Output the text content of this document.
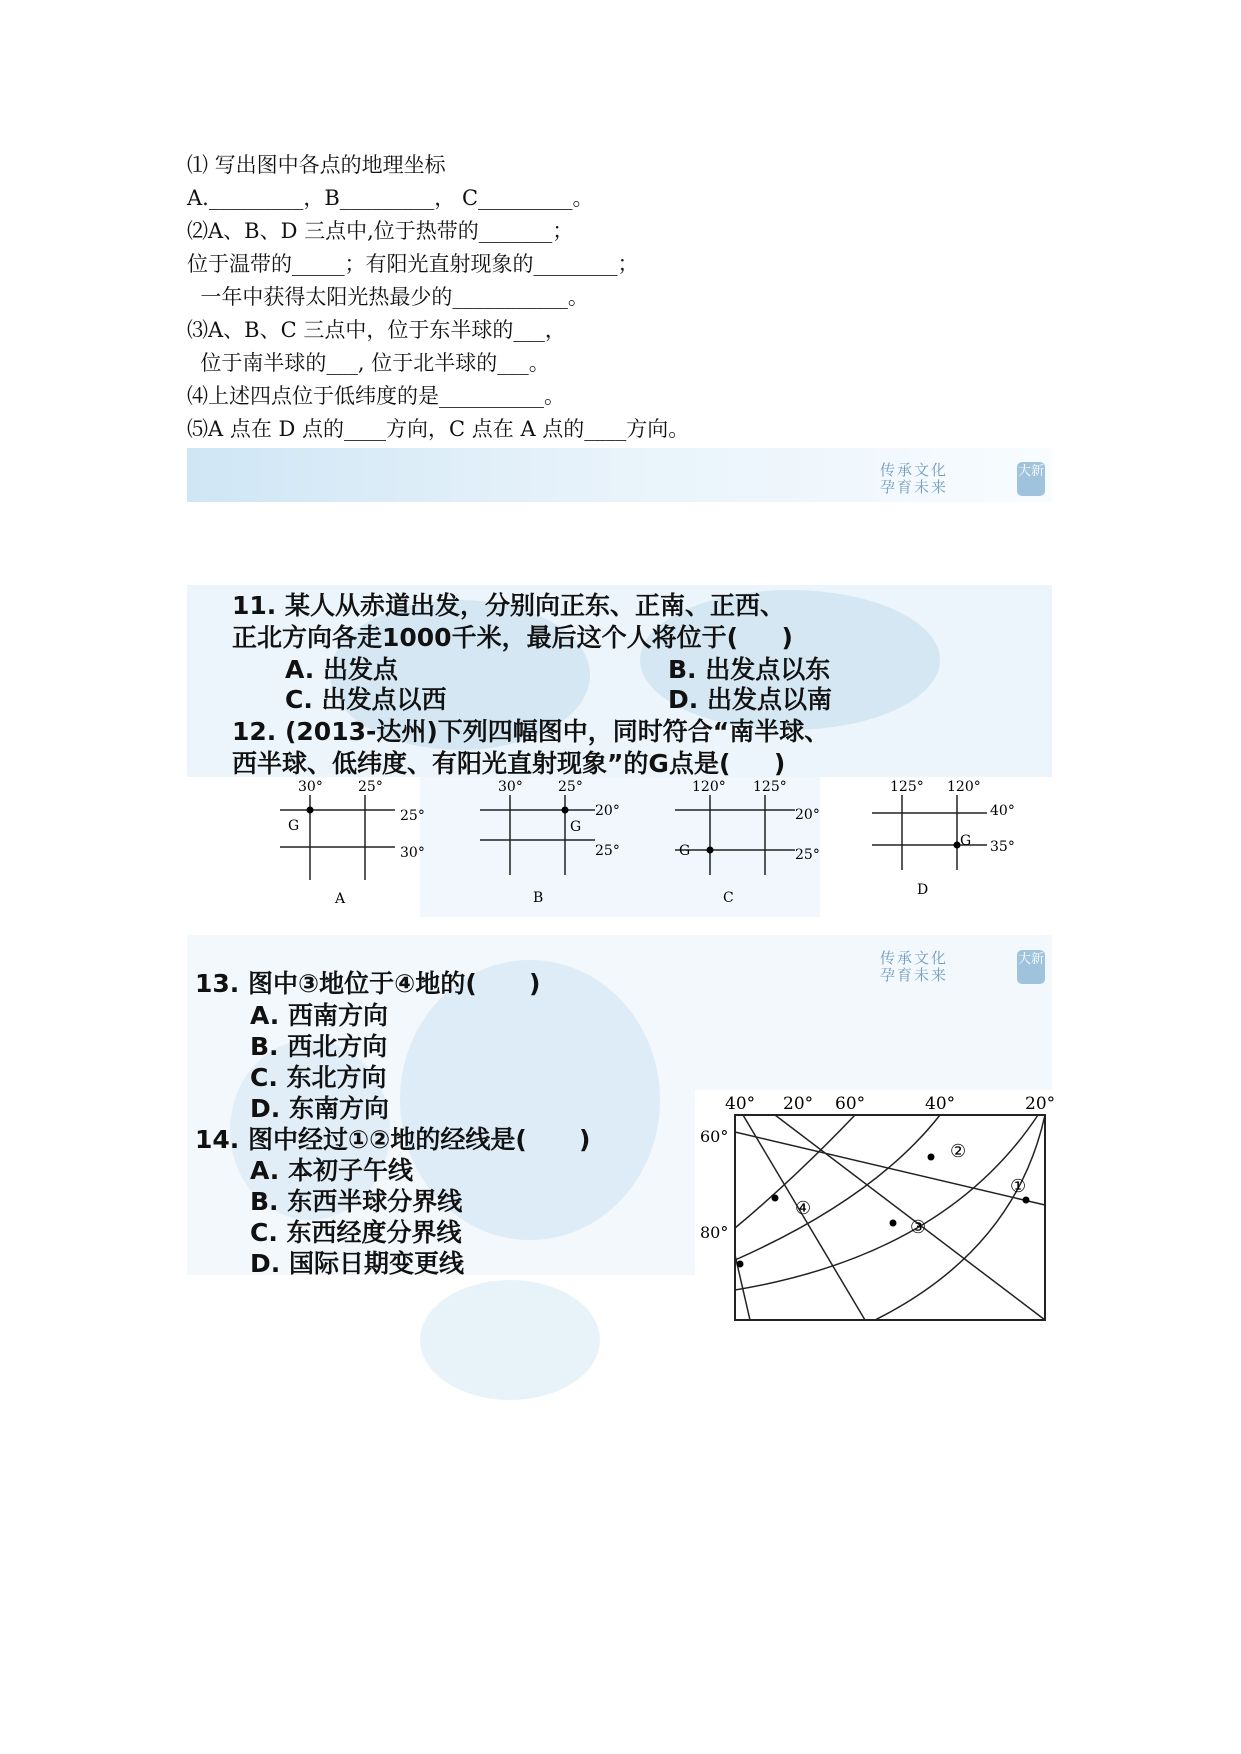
⑴ 写出图中各点的地理坐标
A._________，B_________， C_________。
⑵A、B、D 三点中,位于热带的_______；
位于温带的_____；有阳光直射现象的________；
一年中获得太阳光热最少的___________。
⑶A、B、C 三点中，位于东半球的___，
位于南半球的___, 位于北半球的___。
⑷上述四点位于低纬度的是__________。
⑸A 点在 D 点的____方向，C 点在 A 点的____方向。
传承文化
孕育未来
大新
11. 某人从赤道出发，分别向正东、正南、正西、
正北方向各走1000千米，最后这个人将位于(     )
A. 出发点	B. 出发点以东
C. 出发点以西	D. 出发点以南
12. (2013-达州)下列四幅图中，同时符合“南半球、
西半球、低纬度、有阳光直射现象”的G点是(     )
30°	25°
25°
30°
G
A
30°	25°
20°
25°
G
B
120° 125°
20°
25°
G
C
125° 120°
40°
35°
G
D
传承文化
孕育未来
大新
13. 图中③地位于④地的(      )
A. 西南方向
B. 西北方向
C. 东北方向
D. 东南方向
14. 图中经过①②地的经线是(      )
A. 本初子午线
B. 东西半球分界线
C. 东西经度分界线
D. 国际日期变更线
①
②
③
④
40° 20° 60°	40°	20°
60°
80°
